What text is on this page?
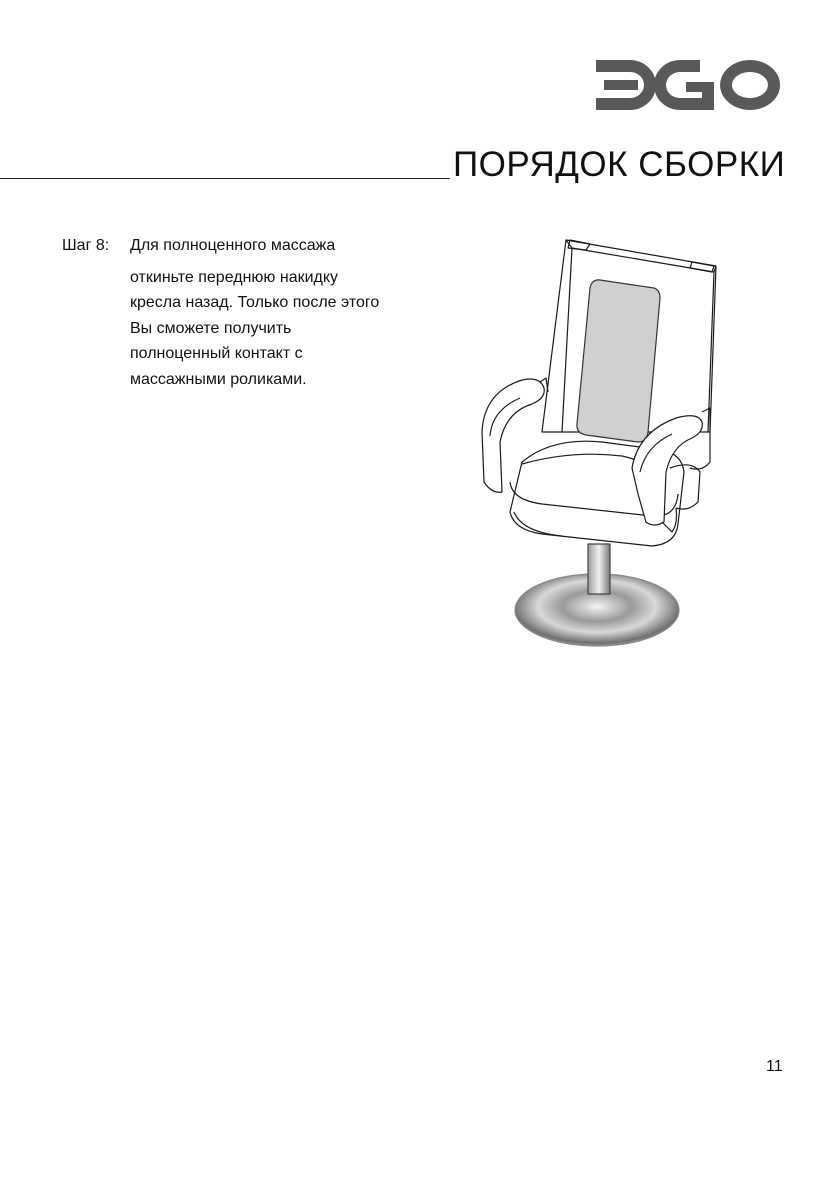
ПОРЯДОК СБОРКИ
Шаг 8: Для полноценного массажа
откиньте переднюю накидку
кресла назад. Только после этого
Вы сможете получить
полноценный контакт с
массажными роликами.
11
